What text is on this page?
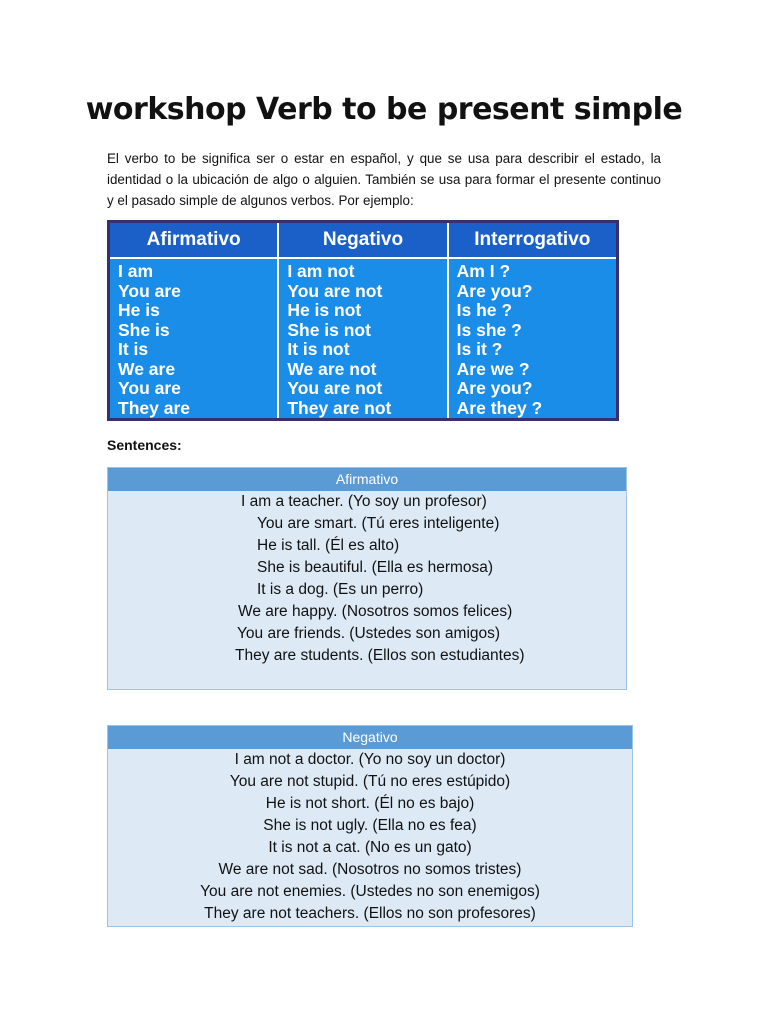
workshop Verb to be present simple

El verbo to be significa ser o estar en español, y que se usa para describir el estado, la identidad o la ubicación de algo o alguien. También se usa para formar el presente continuo y el pasado simple de algunos verbos. Por ejemplo:

Afirmativo
I am
You are
He is
She is
It is
We are
You are
They are
Negativo
I am not
You are not
He is not
She is not
It is not
We are not
You are not
They are not
Interrogativo
Am I ?
Are you?
Is he ?
Is she ?
Is it ?
Are we ?
Are you?
Are they ?

Sentences:

Afirmativo
I am a teacher. (Yo soy un profesor)
You are smart. (Tú eres inteligente)
He is tall. (Él es alto)
She is beautiful. (Ella es hermosa)
It is a dog. (Es un perro)
We are happy. (Nosotros somos felices)
You are friends. (Ustedes son amigos)
They are students. (Ellos son estudiantes)
Negativo
I am not a doctor. (Yo no soy un doctor)
You are not stupid. (Tú no eres estúpido)
He is not short. (Él no es bajo)
She is not ugly. (Ella no es fea)
It is not a cat. (No es un gato)
We are not sad. (Nosotros no somos tristes)
You are not enemies. (Ustedes no son enemigos)
They are not teachers. (Ellos no son profesores)
